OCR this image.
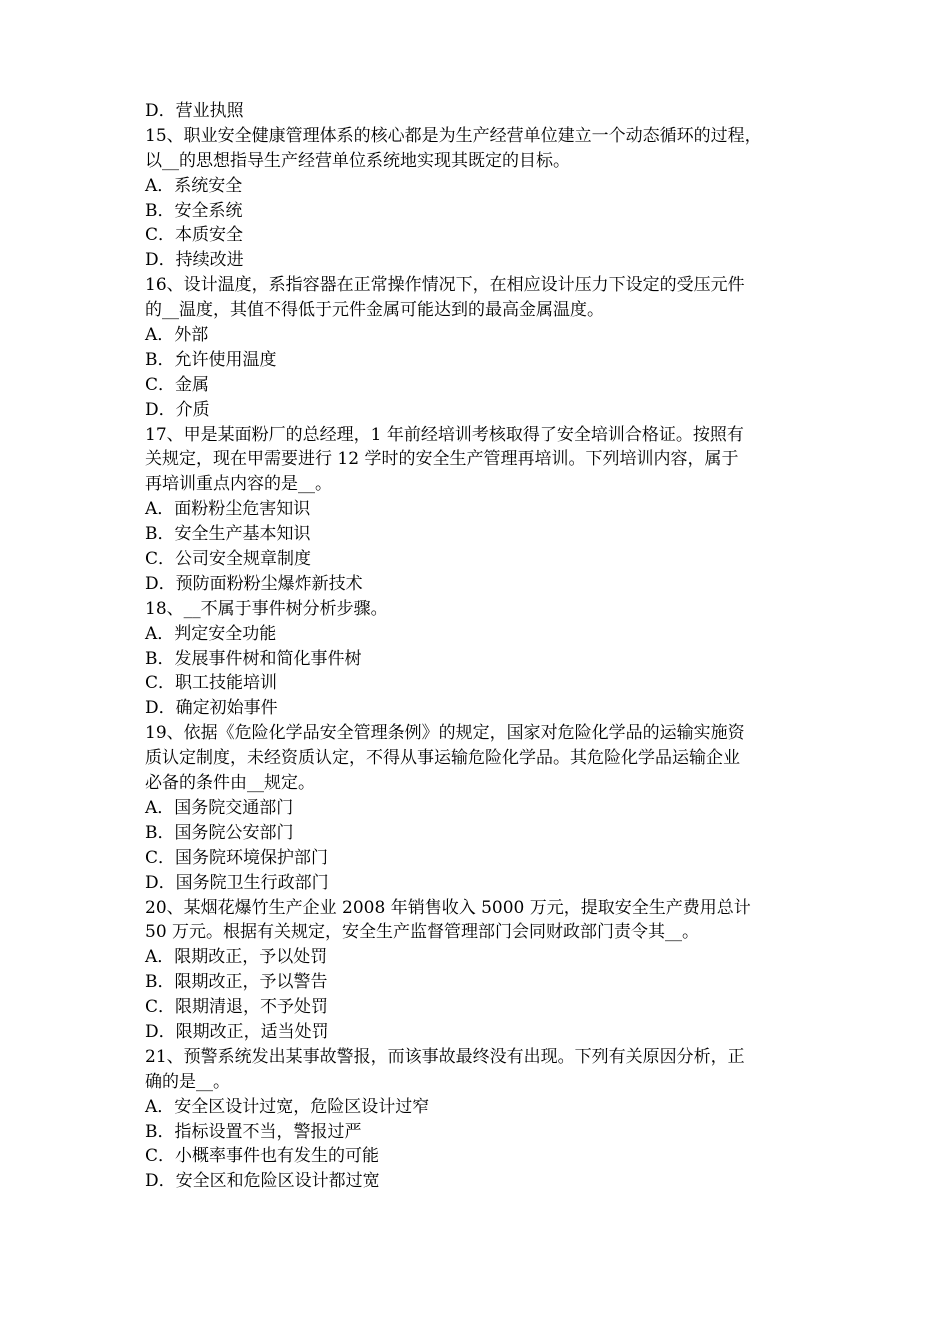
D．营业执照
15、职业安全健康管理体系的核心都是为生产经营单位建立一个动态循环的过程，
以__的思想指导生产经营单位系统地实现其既定的目标。
A．系统安全
B．安全系统
C．本质安全
D．持续改进
16、设计温度，系指容器在正常操作情况下，在相应设计压力下设定的受压元件
的__温度，其值不得低于元件金属可能达到的最高金属温度。
A．外部
B．允许使用温度
C．金属
D．介质
17、甲是某面粉厂的总经理，1 年前经培训考核取得了安全培训合格证。按照有
关规定，现在甲需要进行 12 学时的安全生产管理再培训。下列培训内容，属于
再培训重点内容的是__。
A．面粉粉尘危害知识
B．安全生产基本知识
C．公司安全规章制度
D．预防面粉粉尘爆炸新技术
18、__不属于事件树分析步骤。
A．判定安全功能
B．发展事件树和简化事件树
C．职工技能培训
D．确定初始事件
19、依据《危险化学品安全管理条例》的规定，国家对危险化学品的运输实施资
质认定制度，未经资质认定，不得从事运输危险化学品。其危险化学品运输企业
必备的条件由__规定。
A．国务院交通部门
B．国务院公安部门
C．国务院环境保护部门
D．国务院卫生行政部门
20、某烟花爆竹生产企业 2008 年销售收入 5000 万元，提取安全生产费用总计
50 万元。根据有关规定，安全生产监督管理部门会同财政部门责令其__。
A．限期改正，予以处罚
B．限期改正，予以警告
C．限期清退，不予处罚
D．限期改正，适当处罚
21、预警系统发出某事故警报，而该事故最终没有出现。下列有关原因分析，正
确的是__。
A．安全区设计过宽，危险区设计过窄
B．指标设置不当，警报过严
C．小概率事件也有发生的可能
D．安全区和危险区设计都过宽
